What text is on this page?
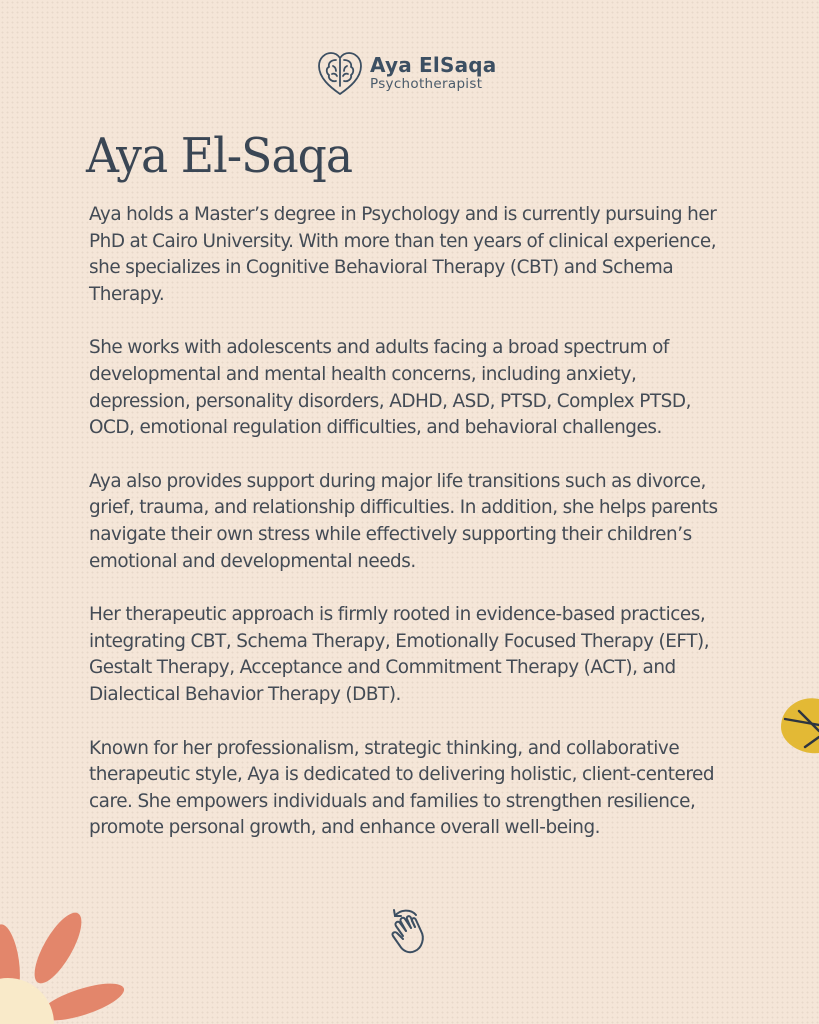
Aya ElSaqa
Psychotherapist
Aya El-Saqa

Aya holds a Master’s degree in Psychology and is currently pursuing her PhD at Cairo University. With more than ten years of clinical experience, she specializes in Cognitive Behavioral Therapy (CBT) and Schema Therapy.

She works with adolescents and adults facing a broad spectrum of developmental and mental health concerns, including anxiety, depression, personality disorders, ADHD, ASD, PTSD, Complex PTSD, OCD, emotional regulation difficulties, and behavioral challenges.

Aya also provides support during major life transitions such as divorce, grief, trauma, and relationship difficulties. In addition, she helps parents navigate their own stress while effectively supporting their children’s emotional and developmental needs.

Her therapeutic approach is firmly rooted in evidence-based practices, integrating CBT, Schema Therapy, Emotionally Focused Therapy (EFT), Gestalt Therapy, Acceptance and Commitment Therapy (ACT), and Dialectical Behavior Therapy (DBT).

Known for her professionalism, strategic thinking, and collaborative therapeutic style, Aya is dedicated to delivering holistic, client-centered care. She empowers individuals and families to strengthen resilience, promote personal growth, and enhance overall well-being.
